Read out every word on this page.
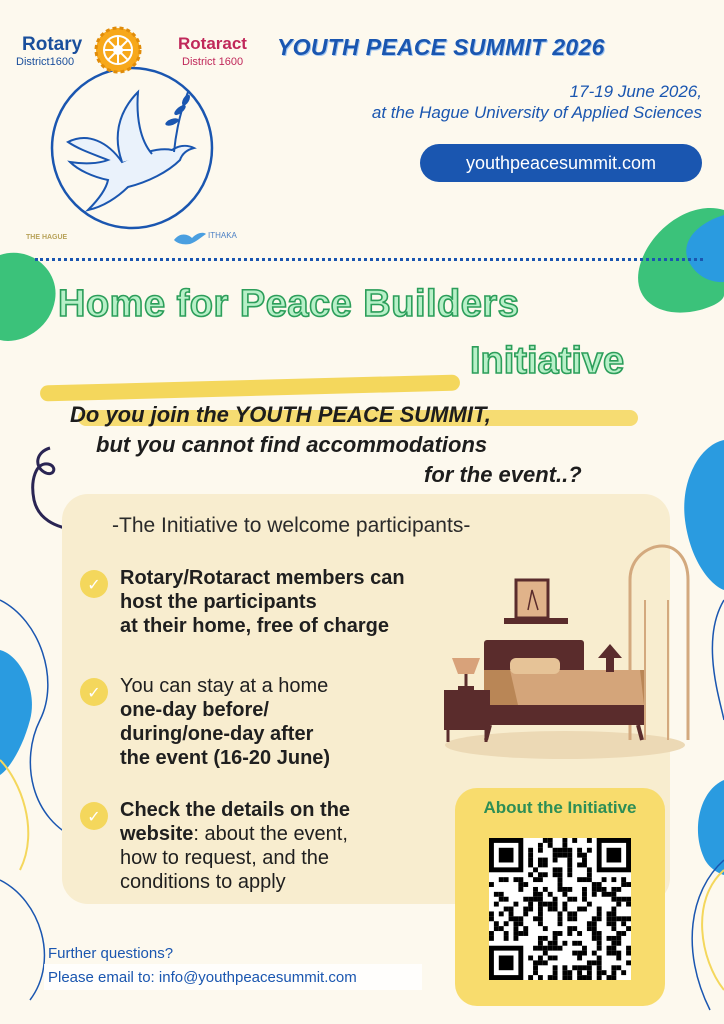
Rotary
District1600
Rotaract
District 1600
YOUTH PEACE SUMMIT 2026
17-19 June 2026,
at the Hague University of Applied Sciences
youthpeacesummit.com
THE HAGUE	ITHAKA
Home for Peace Builders
Initiative
Do you join the YOUTH PEACE SUMMIT,
but you cannot find accommodations
for the event..?
-The Initiative to welcome participants-
✓ Rotary/Rotaract members can
host the participants
at their home, free of charge
✓ You can stay at a home
one-day before/
during/one-day after
the event (16-20 June)
✓ Check the details on the
website: about the event,
how to request, and the
conditions to apply
About the Initiative
Further questions?
Please email to: info@youthpeacesummit.com
